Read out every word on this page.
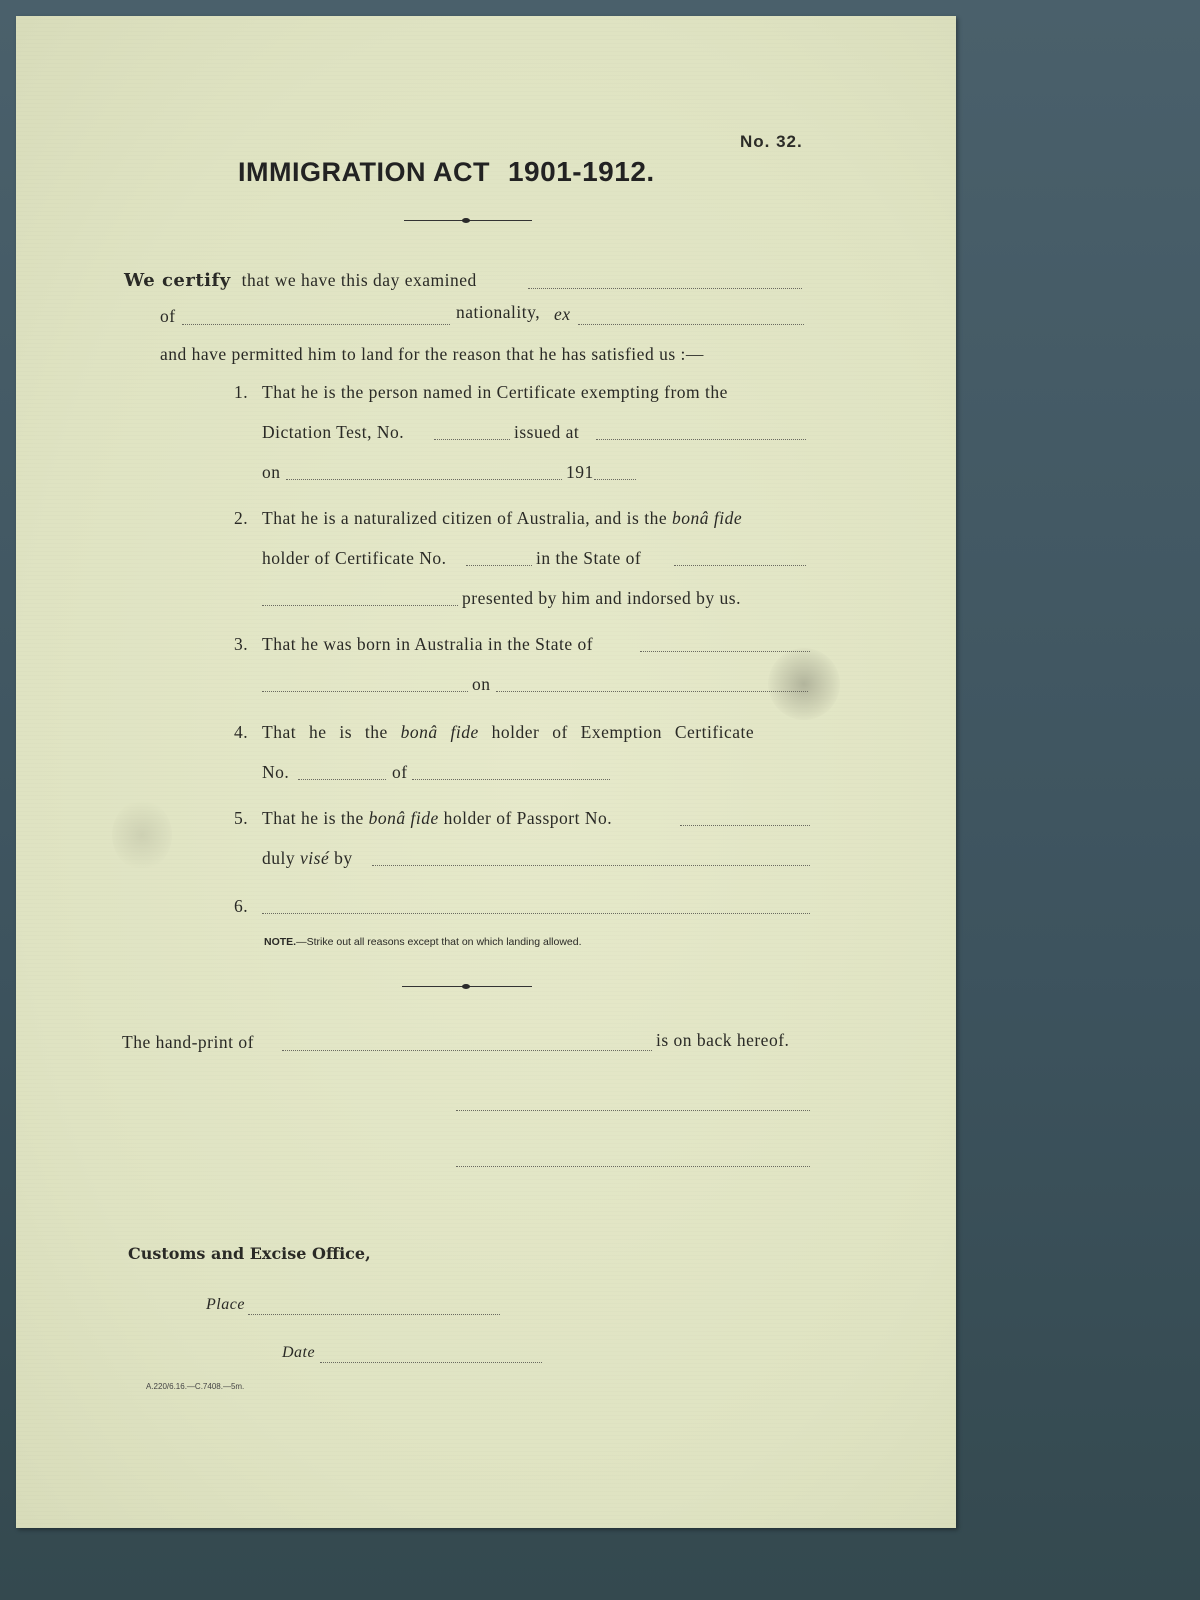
No. 32.
IMMIGRATION ACT 1901-1912.
We certify that we have this day examined
of	nationality, ex
and have permitted him to land for the reason that he has satisfied us :—
1. That he is the person named in Certificate exempting from the
Dictation Test, No.	issued at
on	191
2. That he is a naturalized citizen of Australia, and is the bonâ fide
holder of Certificate No.	in the State of
presented by him and indorsed by us.
3. That he was born in Australia in the State of
on
4. That he is the bonâ fide holder of Exemption Certificate
No.	of
5. That he is the bonâ fide holder of Passport No.
duly visé by
6.
NOTE.—Strike out all reasons except that on which landing allowed.
The hand-print of	is on back hereof.
Customs and Excise Office,
Place
Date
A.220/6.16.—C.7408.—5m.
